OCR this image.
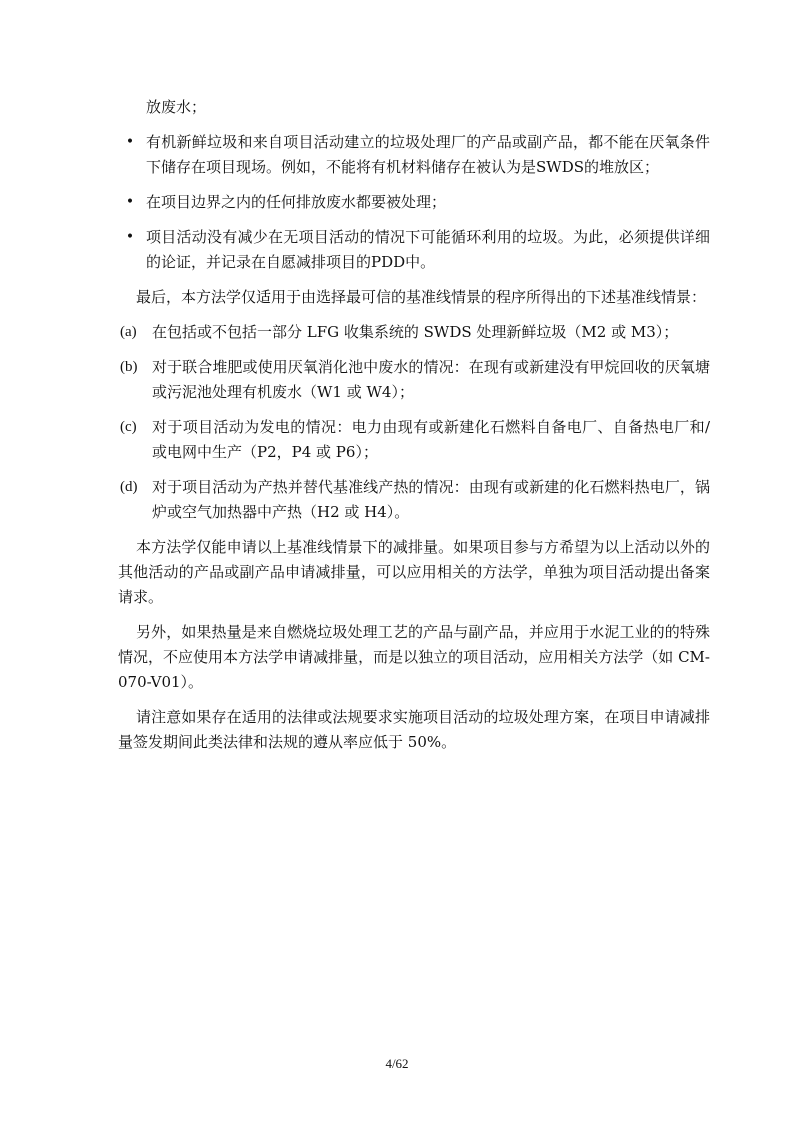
放废水；
• 有机新鲜垃圾和来自项目活动建立的垃圾处理厂的产品或副产品，都不能在厌氧条件下储存在项目现场。例如，不能将有机材料储存在被认为是SWDS的堆放区；
• 在项目边界之内的任何排放废水都要被处理；
• 项目活动没有减少在无项目活动的情况下可能循环利用的垃圾。为此，必须提供详细的论证，并记录在自愿减排项目的PDD中。

最后，本方法学仅适用于由选择最可信的基准线情景的程序所得出的下述基准线情景：

(a) 在包括或不包括一部分 LFG 收集系统的 SWDS 处理新鲜垃圾（M2 或 M3）；
(b) 对于联合堆肥或使用厌氧消化池中废水的情况：在现有或新建没有甲烷回收的厌氧塘或污泥池处理有机废水（W1 或 W4）；
(c) 对于项目活动为发电的情况：电力由现有或新建化石燃料自备电厂、自备热电厂和/或电网中生产（P2，P4 或 P6）；
(d) 对于项目活动为产热并替代基准线产热的情况：由现有或新建的化石燃料热电厂，锅炉或空气加热器中产热（H2 或 H4）。

本方法学仅能申请以上基准线情景下的减排量。如果项目参与方希望为以上活动以外的其他活动的产品或副产品申请减排量，可以应用相关的方法学，单独为项目活动提出备案请求。

另外，如果热量是来自燃烧垃圾处理工艺的产品与副产品，并应用于水泥工业的的特殊情况，不应使用本方法学申请减排量，而是以独立的项目活动，应用相关方法学（如 CM-070-V01）。

请注意如果存在适用的法律或法规要求实施项目活动的垃圾处理方案，在项目申请减排量签发期间此类法律和法规的遵从率应低于 50%。

4/62
